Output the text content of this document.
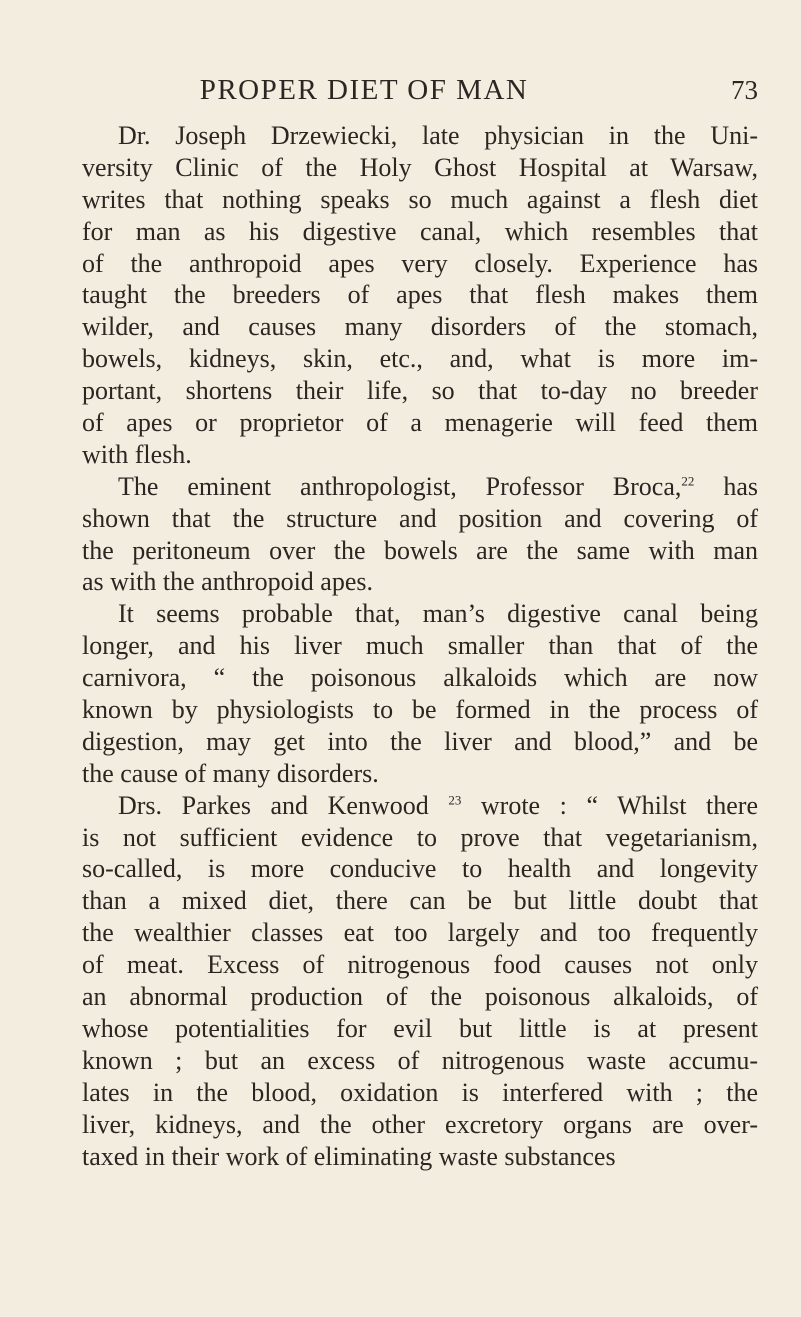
PROPER DIET OF MAN	73
Dr. Joseph Drzewiecki, late physician in the Uni-
versity Clinic of the Holy Ghost Hospital at Warsaw,
writes that nothing speaks so much against a flesh diet
for man as his digestive canal, which resembles that
of the anthropoid apes very closely. Experience has
taught the breeders of apes that flesh makes them
wilder, and causes many disorders of the stomach,
bowels, kidneys, skin, etc., and, what is more im-
portant, shortens their life, so that to-day no breeder
of apes or proprietor of a menagerie will feed them
with flesh.
The eminent anthropologist, Professor Broca,$^{22}$ has
shown that the structure and position and covering of
the peritoneum over the bowels are the same with man
as with the anthropoid apes.
It seems probable that, man’s digestive canal being
longer, and his liver much smaller than that of the
carnivora, “ the poisonous alkaloids which are now
known by physiologists to be formed in the process of
digestion, may get into the liver and blood,” and be
the cause of many disorders.
Drs. Parkes and Kenwood $^{23}$ wrote : “ Whilst there
is not sufficient evidence to prove that vegetarianism,
so-called, is more conducive to health and longevity
than a mixed diet, there can be but little doubt that
the wealthier classes eat too largely and too frequently
of meat. Excess of nitrogenous food causes not only
an abnormal production of the poisonous alkaloids, of
whose potentialities for evil but little is at present
known ; but an excess of nitrogenous waste accumu-
lates in the blood, oxidation is interfered with ; the
liver, kidneys, and the other excretory organs are over-
taxed in their work of eliminating waste substances
